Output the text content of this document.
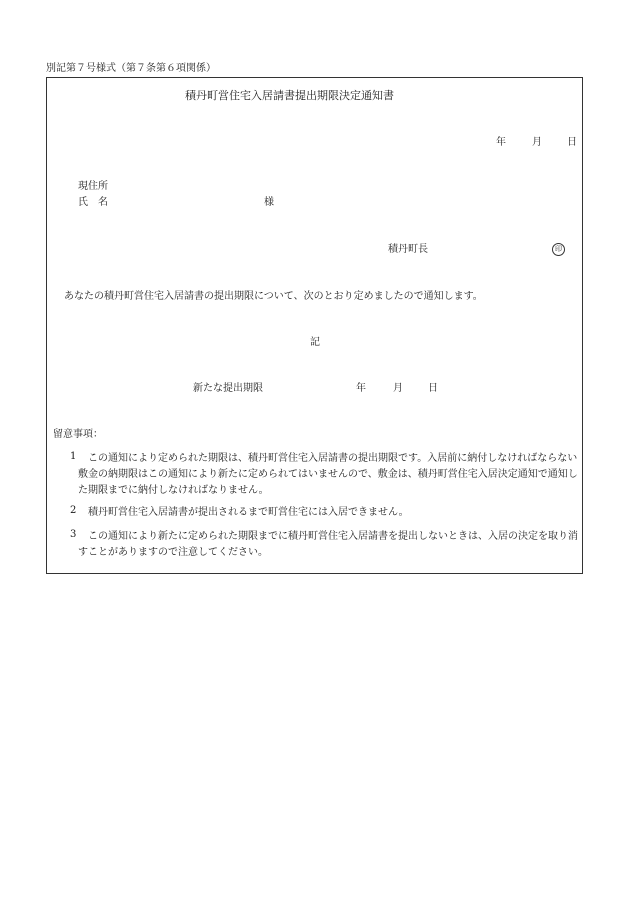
別記第７号様式（第７条第６項関係）
積丹町営住宅入居請書提出期限決定通知書
年	月	日
現住所
氏　名	様
積丹町長	印
あなたの積丹町営住宅入居請書の提出期限について、次のとおり定めましたので通知します。
記
新たな提出期限	年	月	日
留意事項：
1	この通知により定められた期限は、積丹町営住宅入居請書の提出期限です。入居前に納付しなければならない敷金の納期限はこの通知により新たに定められてはいませんので、敷金は、積丹町営住宅入居決定通知で通知した期限までに納付しなければなりません。
2	積丹町営住宅入居請書が提出されるまで町営住宅には入居できません。
3	この通知により新たに定められた期限までに積丹町営住宅入居請書を提出しないときは、入居の決定を取り消すことがありますので注意してください。
